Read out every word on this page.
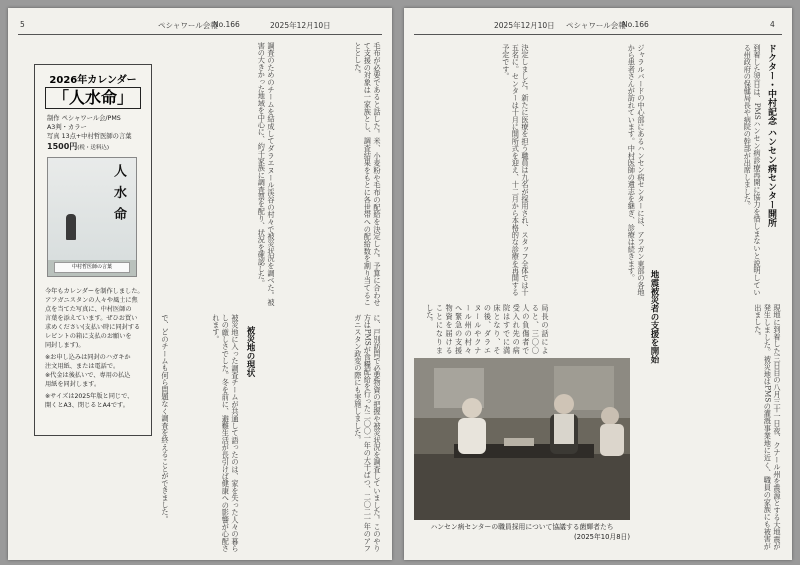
5	ペシャワール会報
No.166	2025年12月10日
毛布が必要であると話した。米、小麦粉や毛布の配給を決定した。予算に合わせて支援の対象は一家族とし、調査結果をもとに各世帯への配給数を割り当てることとした。
調査のためのチームを結成してダラエヌール渓谷の村々で被災状況を調べた。被害の大きかった地域を中心に、約千家族に調査票を配り、状況を確認した。
に、戸別訪問で必要物資の把握や被災状況を調査していました。このやり方はPMSが食糧配給を行った二〇〇一年の大干ばつ、二〇二一年のアフガニスタン政変の際にも実施しました。
被災地の現状
被災地に入った調査チームが共通して語ったのは、家を失った人々の暮らしの厳しさでした。冬を前に、避難生活が長引けば健康への影響が心配されます。
で、どのチームも何ら問題なく調査を終えることができました。
2026年カレンダー
「人水命」
制作 ペシャワール会/PMS
A3判・カラー
写真 13点+中村哲医師の言葉
1500円(税・送料込)
人 水 命
中村哲医師の言葉
今年もカレンダーを制作しました。
アフガニスタンの人々や風土に焦
点を当てた写真に、中村医師の
言葉を添えています。ぜひお買い
求めください(支払い時に同封する
レビントの箱に支払のお願いを
同封します)。
※お申し込みは同封のハガキか
注文用紙、または電話で。
※代金は後払いで、専用の払込
用紙を同封します。
※サイズは2025年版と同じで、
開くとA3、閉じるとA4です。
2025年12月10日 ペシャワール会報
No.166	4
ドクター・中村記念 ハンセン病センター開所
到着した翌日は、PMSハンセン病診療再開に協力を惜しまないと説明している州政府の保健局長や病院の幹部が出席しました。
ジャラルバードの中心部にあるハンセン病センターには、アフガン東部の各地から患者さんが訪れています。中村医師の遺志を継ぎ、診療は続きます。
決定しました。新たに医療を担う職員は九名が採用され、スタッフ全体では十五名に。センターは十月に開所式を迎え、十二月から本格的な診療を再開する予定です。
現地に到着した三日目の八月三十一日夜、クナール州を震源とする大地震が発生しました。被災地はPMSの灌漑事業地に近く、職員の家族にも被害が出ました。
地震被災者の支援を開始
局長の話によると、三〇〇人の負傷者で受入れ先の病院はすでに満床となり、その後、ダラエヌールやクナール州の村々へ緊急の支援物資を届けることになりました。
ハンセン病センターの職員採用について協議する菌輝者たち
(2025年10月8日)
